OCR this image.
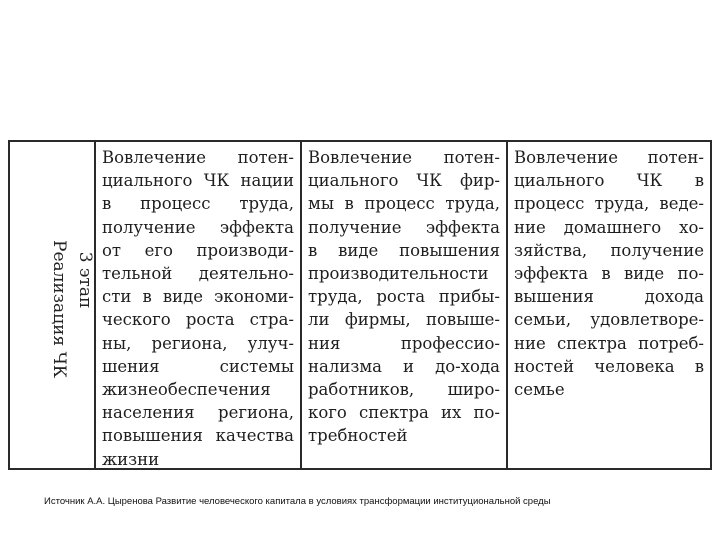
3 этап
Реализация ЧК
Вовлечение потен-
циального ЧК нации
в процесс труда,
получение эффекта
от его производи-
тельной деятельно-
сти в виде экономи-
ческого роста стра-
ны, региона, улуч-
шения системы
жизнеобеспечения
населения региона,
повышения качества
жизни
Вовлечение потен-
циального ЧК фир-
мы в процесс труда,
получение эффекта
в виде повышения
производительности
труда, роста прибы-
ли фирмы, повыше-
ния профессио-
нализма и до-хода
работников, широ-
кого спектра их по-
требностей
Вовлечение потен-
циального ЧК в
процесс труда, веде-
ние домашнего хо-
зяйства, получение
эффекта в виде по-
вышения дохода
семьи, удовлетворе-
ние спектра потреб-
ностей человека в
семье
Источник А.А. Цыренова Развитие человеческого капитала в условиях трансформации институциональной среды
